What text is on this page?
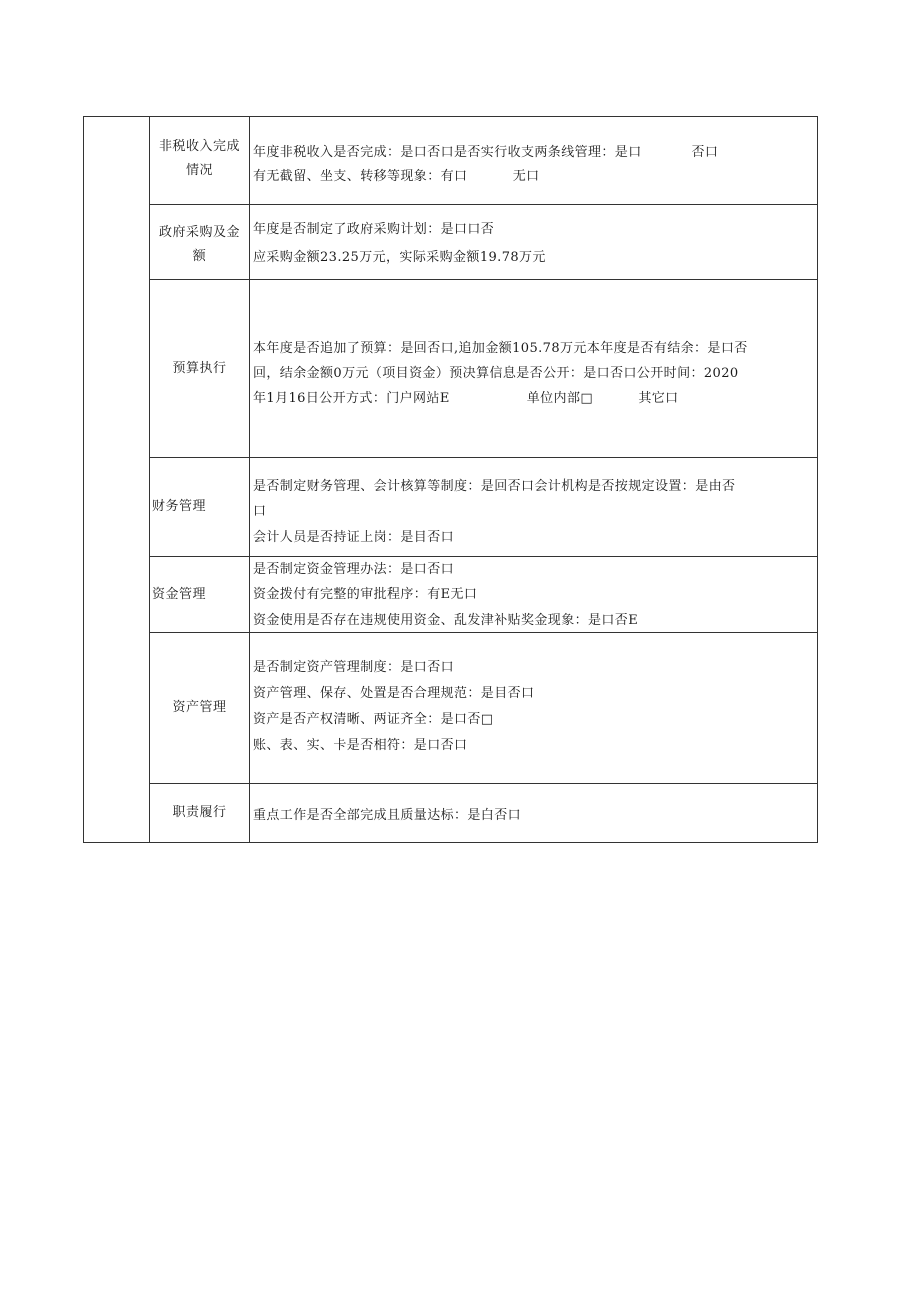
非税收入完成
情况
年度非税收入是否完成：是口否口是否实行收支两条线管理：是口           否口
有无截留、坐支、转移等现象：有口          无口
政府采购及金
额
年度是否制定了政府采购计划：是口口否
应采购金额23.25万元，实际采购金额19.78万元
预算执行
本年度是否追加了预算：是回否口,追加金额105.78万元本年度是否有结余：是口否
回，结余金额0万元（项目资金）预决算信息是否公开：是口否口公开时间：2020
年1月16日公开方式：门户网站E                 单位内部□          其它口
财务管理
是否制定财务管理、会计核算等制度：是回否口会计机构是否按规定设置：是由否
口
会计人员是否持证上岗：是目否口
资金管理
是否制定资金管理办法：是口否口
资金拨付有完整的审批程序：有E无口
资金使用是否存在违规使用资金、乱发津补贴奖金现象：是口否E
资产管理
是否制定资产管理制度：是口否口
资产管理、保存、处置是否合理规范：是目否口
资产是否产权清晰、两证齐全：是口否□
账、表、实、卡是否相符：是口否口
职责履行 重点工作是否全部完成且质量达标：是白否口
